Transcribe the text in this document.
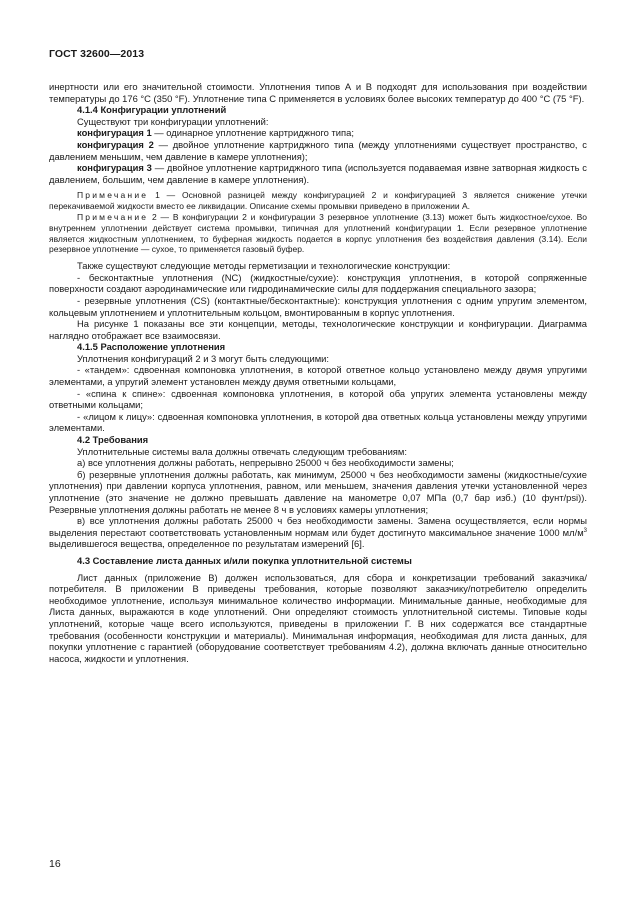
ГОСТ 32600—2013

инертности или его значительной стоимости. Уплотнения типов А и В подходят для использования при воздействии температуры до 176 °С (350 °F). Уплотнение типа С применяется в условиях более высоких температур до 400 °С (75 °F).

4.1.4 Конфигурации уплотнений

Существуют три конфигурации уплотнений:

конфигурация 1 — одинарное уплотнение картриджного типа;

конфигурация 2 — двойное уплотнение картриджного типа (между уплотнениями существует пространство, с давлением меньшим, чем давление в камере уплотнения);

конфигурация 3 — двойное уплотнение картриджного типа (используется подаваемая извне затворная жидкость с давлением, большим, чем давление в камере уплотнения).

Примечание 1 — Основной разницей между конфигурацией 2 и конфигурацией 3 является снижение утечки перекачиваемой жидкости вместо ее ликвидации. Описание схемы промывки приведено в приложении А.

Примечание 2 — В конфигурации 2 и конфигурации 3 резервное уплотнение (3.13) может быть жидкостное/сухое. Во внутреннем уплотнении действует система промывки, типичная для уплотнений конфигурации 1. Если резервное уплотнение является жидкостным уплотнением, то буферная жидкость подается в корпус уплотнения без воздействия давления (3.14). Если резервное уплотнение — сухое, то применяется газовый буфер.

Также существуют следующие методы герметизации и технологические конструкции:

- бесконтактные уплотнения (NC) (жидкостные/сухие): конструкция уплотнения, в которой сопряженные поверхности создают аэродинамические или гидродинамические силы для поддержания специального зазора;

- резервные уплотнения (CS) (контактные/бесконтактные): конструкция уплотнения с одним упругим элементом, кольцевым уплотнением и уплотнительным кольцом, вмонтированным в корпус уплотнения.

На рисунке 1 показаны все эти концепции, методы, технологические конструкции и конфигурации. Диаграмма наглядно отображает все взаимосвязи.

4.1.5 Расположение уплотнения

Уплотнения конфигураций 2 и 3 могут быть следующими:

- «тандем»: сдвоенная компоновка уплотнения, в которой ответное кольцо установлено между двумя упругими элементами, а упругий элемент установлен между двумя ответными кольцами,

- «спина к спине»: сдвоенная компоновка уплотнения, в которой оба упругих элемента установлены между ответными кольцами;

- «лицом к лицу»: сдвоенная компоновка уплотнения, в которой два ответных кольца установлены между упругими элементами.

4.2 Требования

Уплотнительные системы вала должны отвечать следующим требованиям:

а) все уплотнения должны работать, непрерывно 25000 ч без необходимости замены;

б) резервные уплотнения должны работать, как минимум, 25000 ч без необходимости замены (жидкостные/сухие уплотнения) при давлении корпуса уплотнения, равном, или меньшем, значения давления утечки установленной через уплотнение (это значение не должно превышать давление на манометре 0,07 МПа (0,7 бар изб.) (10 фунт/psi)). Резервные уплотнения должны работать не менее 8 ч в условиях камеры уплотнения;

в) все уплотнения должны работать 25000 ч без необходимости замены. Замена осуществляется, если нормы выделения перестают соответствовать установленным нормам или будет достигнуто максимальное значение 1000 $мл/м^3$ выделившегося вещества, определенное по результатам измерений [6].

4.3 Составление листа данных и/или покупка уплотнительной системы

Лист данных (приложение В) должен использоваться, для сбора и конкретизации требований заказчика/потребителя. В приложении В приведены требования, которые позволяют заказчику/потребителю определить необходимое уплотнение, используя минимальное количество информации. Минимальные данные, необходимые для Листа данных, выражаются в коде уплотнений. Они определяют стоимость уплотнительной системы. Типовые коды уплотнений, которые чаще всего используются, приведены в приложении Г. В них содержатся все стандартные требования (особенности конструкции и материалы). Минимальная информация, необходимая для листа данных, для покупки уплотнение с гарантией (оборудование соответствует требованиям 4.2), должна включать данные относительно насоса, жидкости и уплотнения.

16
